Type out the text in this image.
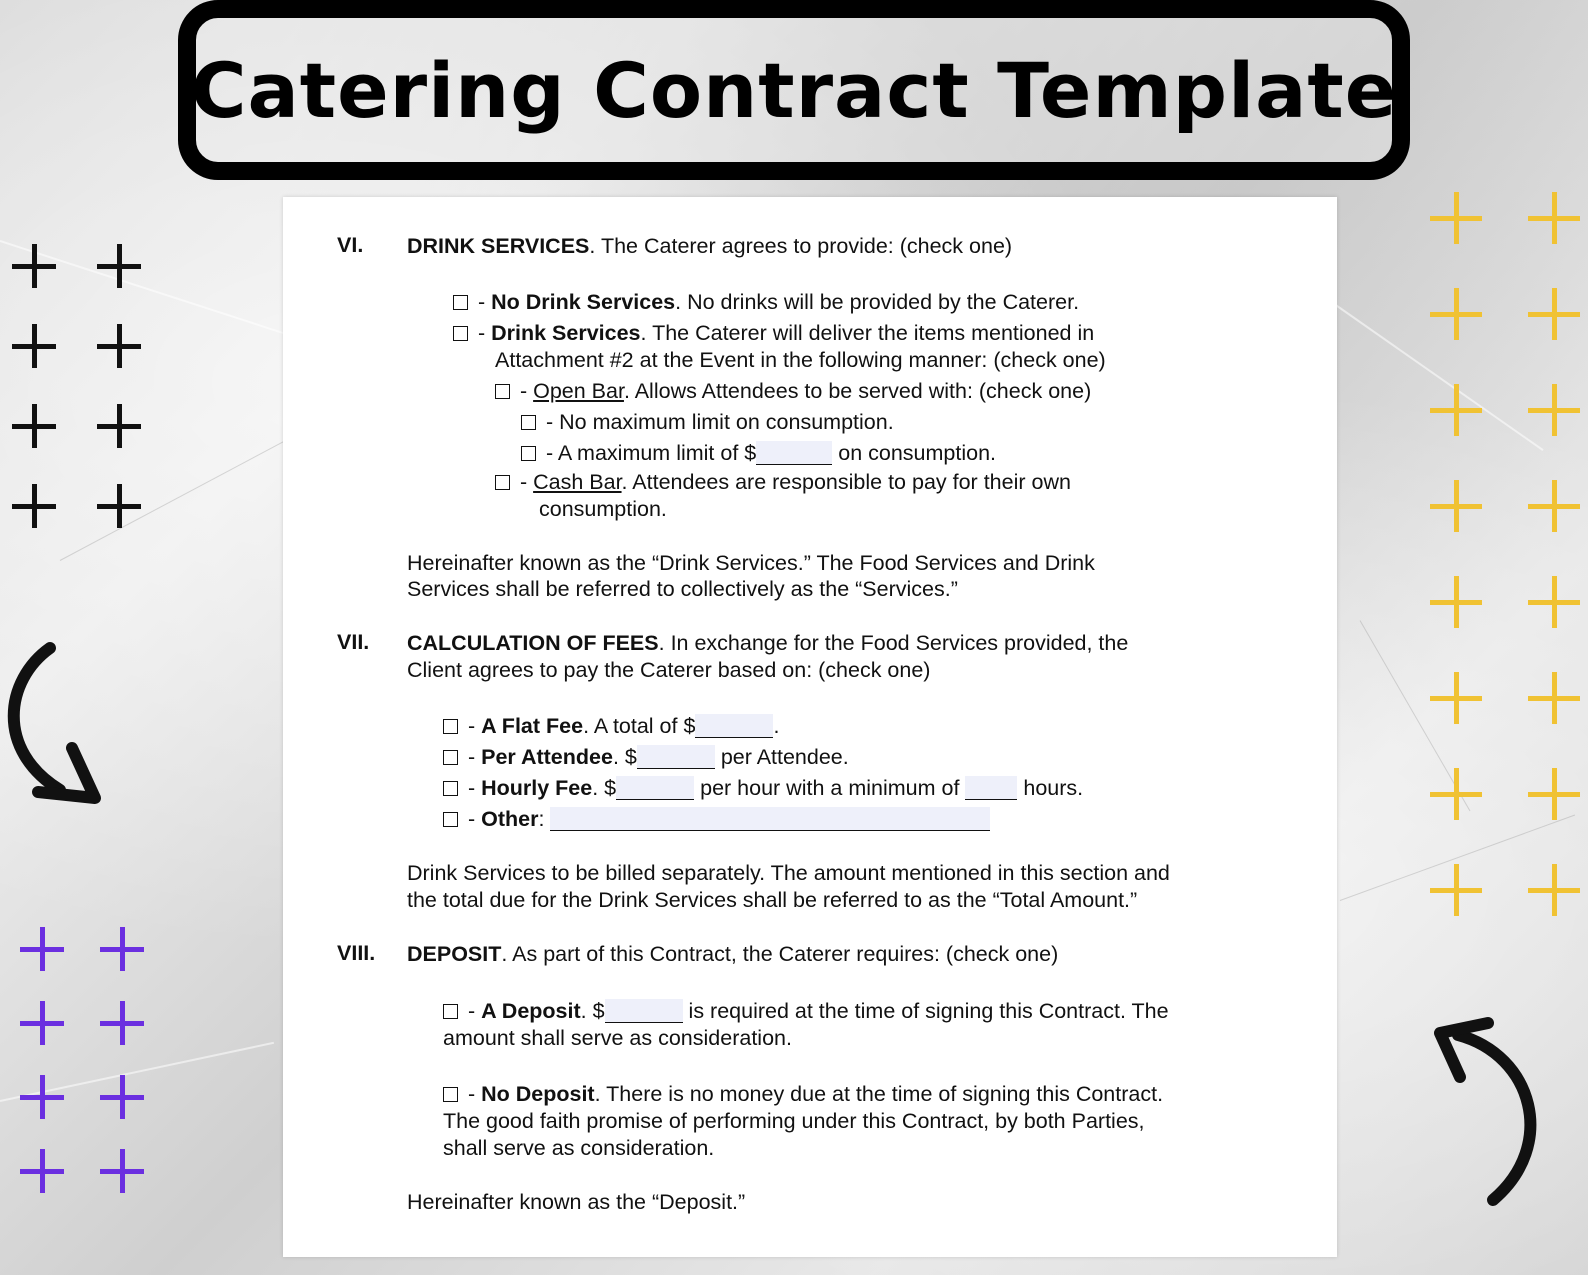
Catering Contract Template
VI. DRINK SERVICES. The Caterer agrees to provide: (check one)
- No Drink Services. No drinks will be provided by the Caterer.
- Drink Services. The Caterer will deliver the items mentioned in
Attachment #2 at the Event in the following manner: (check one)
- Open Bar. Allows Attendees to be served with: (check one)
- No maximum limit on consumption.
- A maximum limit of $	on consumption.
- Cash Bar. Attendees are responsible to pay for their own
consumption.
Hereinafter known as the “Drink Services.” The Food Services and Drink
Services shall be referred to collectively as the “Services.”
VII. CALCULATION OF FEES. In exchange for the Food Services provided, the
Client agrees to pay the Caterer based on: (check one)
- A Flat Fee. A total of $	.
- Per Attendee. $	per Attendee.
- Hourly Fee. $	per hour with a minimum of	hours.
- Other:
Drink Services to be billed separately. The amount mentioned in this section and
the total due for the Drink Services shall be referred to as the “Total Amount.”
VIII. DEPOSIT. As part of this Contract, the Caterer requires: (check one)
- A Deposit. $	is required at the time of signing this Contract. The
amount shall serve as consideration.
- No Deposit. There is no money due at the time of signing this Contract.
The good faith promise of performing under this Contract, by both Parties,
shall serve as consideration.
Hereinafter known as the “Deposit.”
